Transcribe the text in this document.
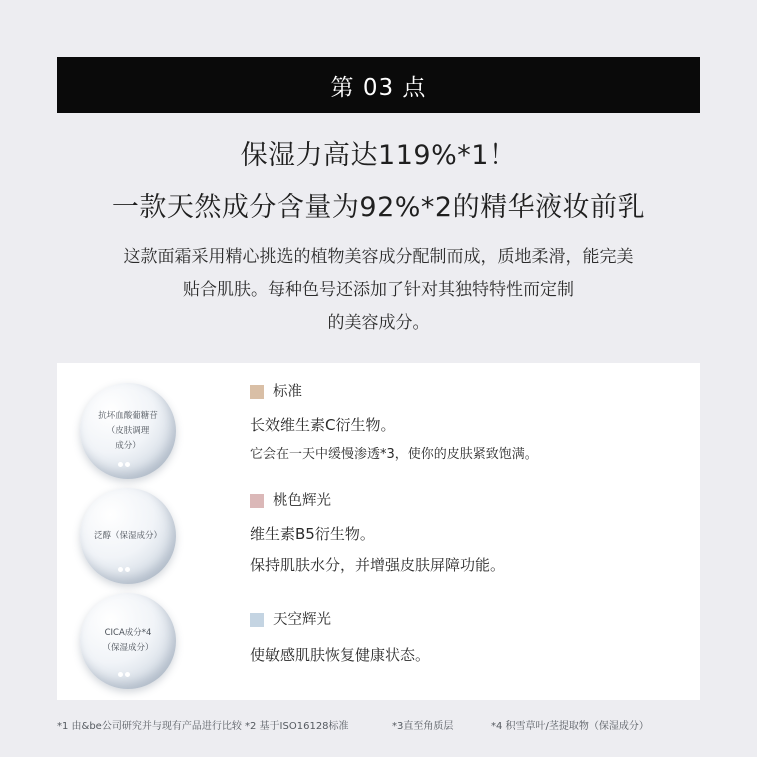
第 03 点
保湿力高达119%*1！
一款天然成分含量为92%*2的精华液妆前乳
这款面霜采用精心挑选的植物美容成分配制而成，质地柔滑，能完美
贴合肌肤。每种色号还添加了针对其独特特性而定制
的美容成分。
抗坏血酸葡糖苷
（皮肤调理
成分）
标准
长效维生素C衍生物。
它会在一天中缓慢渗透*3，使你的皮肤紧致饱满。
泛醇（保湿成分）
桃色辉光
维生素B5衍生物。
保持肌肤水分，并增强皮肤屏障功能。
CICA成分*4
（保湿成分）
天空辉光
使敏感肌肤恢复健康状态。
*1 由&be公司研究并与现有产品进行比较 *2 基于ISO16128标准	*3直至角质层	*4 积雪草叶/茎提取物（保湿成分）
